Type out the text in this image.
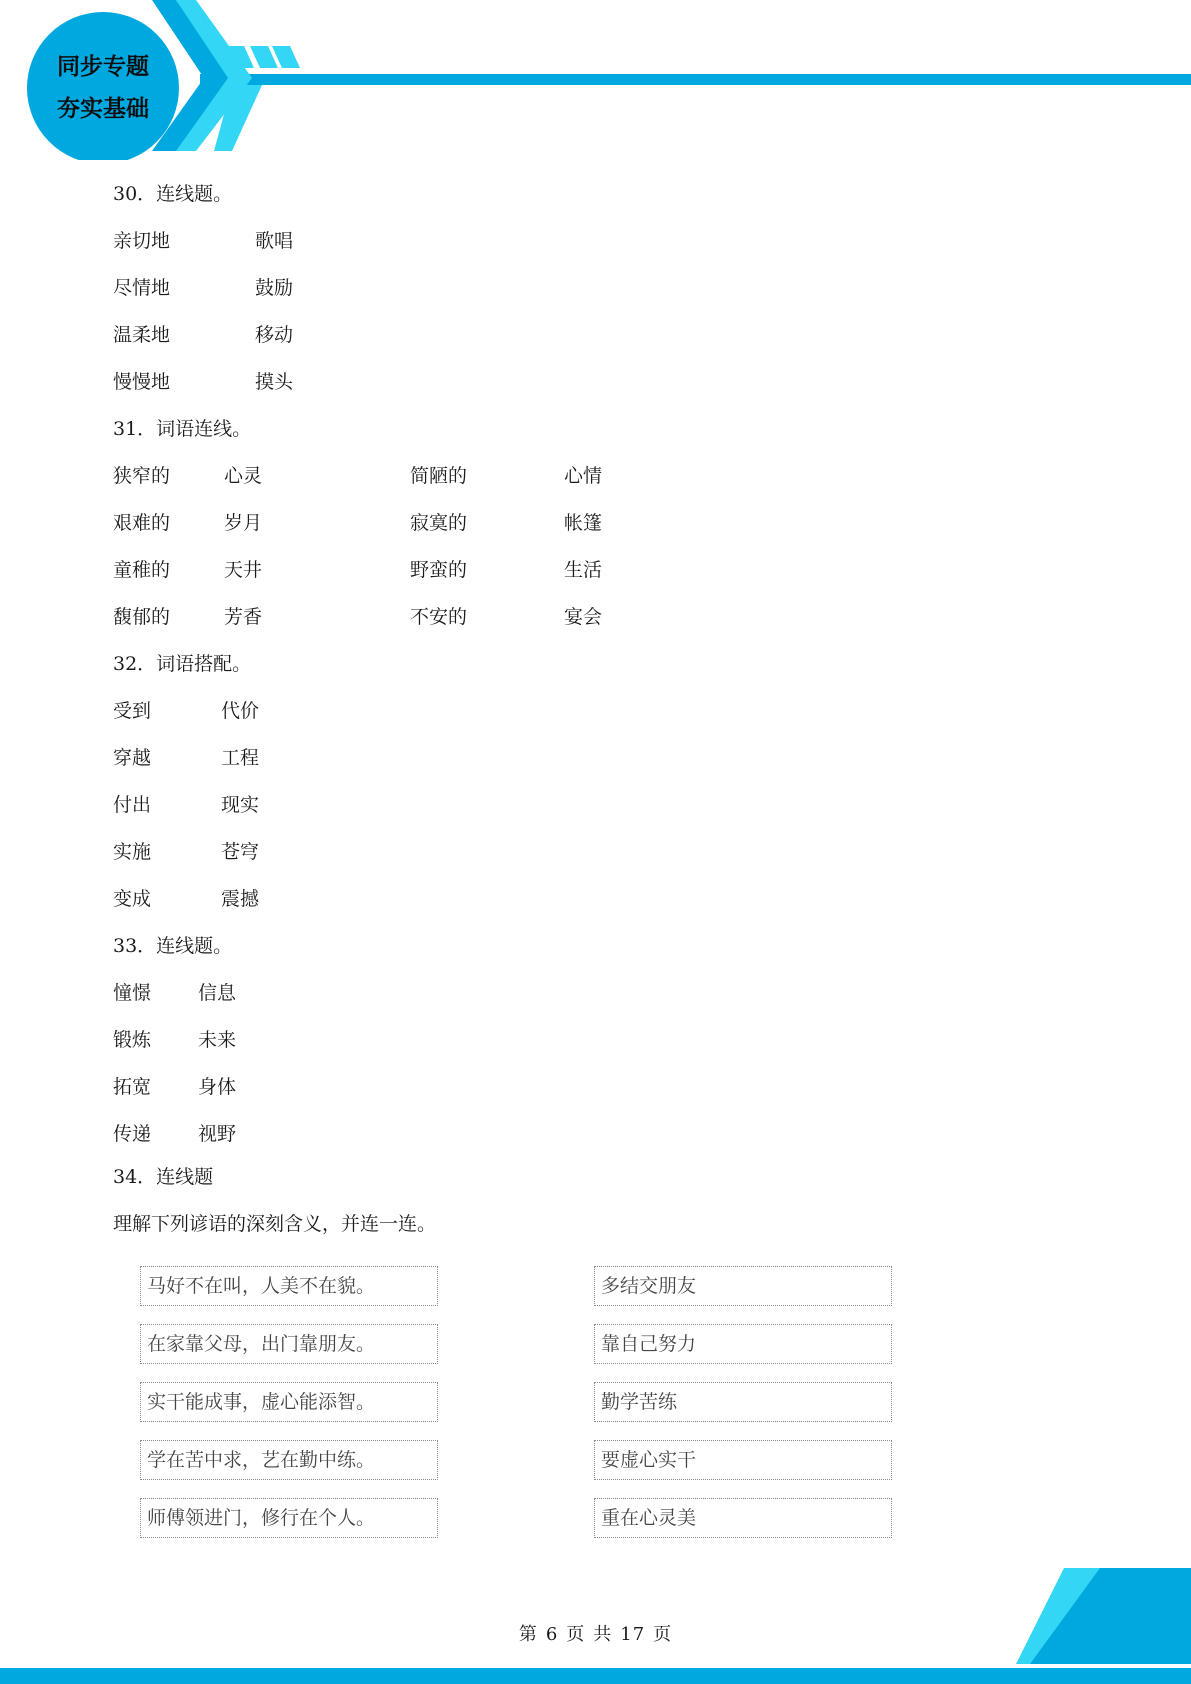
同步专题
夯实基础
30．连线题。
亲切地	歌唱
尽情地	鼓励
温柔地	移动
慢慢地	摸头
31．词语连线。
狭窄的	心灵	简陋的	心情
艰难的	岁月	寂寞的	帐篷
童稚的	天井	野蛮的	生活
馥郁的	芳香	不安的	宴会
32．词语搭配。
受到	代价
穿越	工程
付出	现实
实施	苍穹
变成	震撼
33．连线题。
憧憬 信息
锻炼 未来
拓宽 身体
传递 视野
34．连线题
理解下列谚语的深刻含义，并连一连。
马好不在叫，人美不在貌。	多结交朋友
在家靠父母，出门靠朋友。	靠自己努力
实干能成事，虚心能添智。	勤学苦练
学在苦中求，艺在勤中练。	要虚心实干
师傅领进门，修行在个人。	重在心灵美
第 6 页 共 17 页
